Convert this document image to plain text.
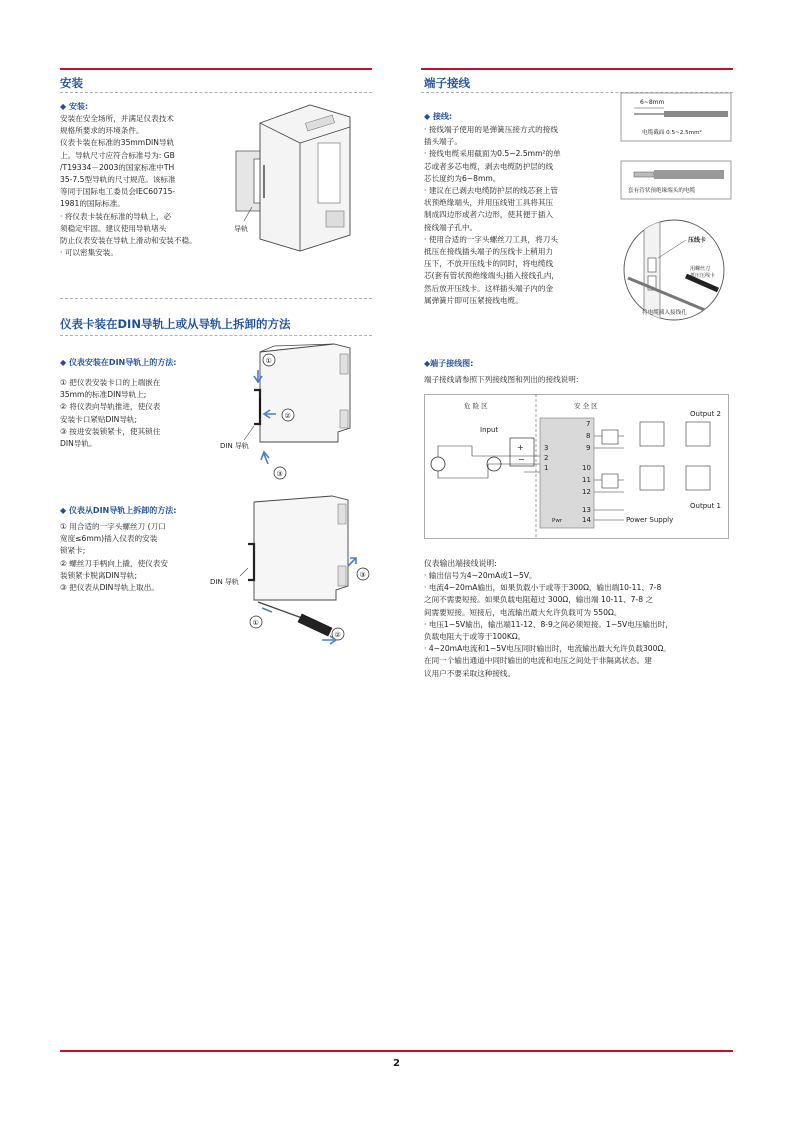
安装
◆ 安装:

安装在安全场所，并满足仪表技术

规格所要求的环境条件。

仪表卡装在标准的35mmDIN导轨

上。导轨尺寸应符合标准号为: GB

/T19334－2003的国家标准中TH

35-7.5型导轨的尺寸规范。该标准

等同于国际电工委员会IEC60715-

1981的国际标准。

· 将仪表卡装在标准的导轨上，必

须稳定牢固。建议使用导轨堵头

防止仪表安装在导轨上滑动和安装不稳。

· 可以密集安装。

导轨
仪表卡装在DIN导轨上或从导轨上拆卸的方法
◆ 仪表安装在DIN导轨上的方法:

① 把仪表安装卡口的上端嵌在

35mm的标准DIN导轨上;

② 将仪表向导轨推进，使仪表

安装卡口紧贴DIN导轨;

③ 按进安装锁紧卡，使其锁住

DIN导轨。	DIN 导轨
①
②
③
◆ 仪表从DIN导轨上拆卸的方法:

① 用合适的一字头螺丝刀 (刀口

宽度≤6mm)插入仪表的安装

锁紧卡;

② 螺丝刀手柄向上撬，使仪表安

装锁紧卡脱离DIN导轨;

③ 把仪表从DIN导轨上取出。

DIN 导轨
①
②
③
端子接线
◆ 接线:

· 接线端子使用的是弹簧压接方式的接线

插头端子。

· 接线电缆采用截面为0.5~2.5mm²的单

芯或者多芯电缆，剥去电缆防护层的线

芯长度约为6~8mm。

· 建议在已剥去电缆防护层的线芯套上管

状预绝缘端头，并用压线钳工具将其压

制成四边形或者六边形，使其便于插入

接线端子孔中。

· 使用合适的一字头螺丝刀工具，将刀头

抵压在接线插头端子的压线卡上稍用力

压下，不放开压线卡的同时，将电缆线

芯(套有管状预绝缘端头)插入接线孔内，

然后放开压线卡。这样插头端子内的金

属弹簧片即可压紧接线电缆。

6~8mm
电缆截面 0.5~2.5mm²
套有管状预绝缘端头的电缆
压线卡
用螺丝刀
抵压压线卡
将电缆插入接线孔
◆端子接线图:
端子接线请参照下列接线图和列出的接线说明:
危 险 区	安 全 区
Input
+
−
3
2
1
7
8
9
10
11
12
13
14
Pwr	Power Supply
Output 2
Output 1
仪表输出端接线说明:

· 输出信号为4~20mA或1~5V。

· 电流4~20mA输出，如果负载小于或等于300Ω，输出端10-11、7-8

之间不需要短接。如果负载电阻超过 300Ω，输出端 10-11、7-8 之

间需要短接。短接后，电流输出最大允许负载可为 550Ω。

· 电压1~5V输出，输出端11-12、8-9之间必须短接。1~5V电压输出时，

负载电阻大于或等于100KΩ。

· 4~20mA电流和1~5V电压同时输出时，电流输出最大允许负载300Ω。

在同一个输出通道中同时输出的电流和电压之间处于非隔离状态。建

议用户不要采取这种接线。

2
